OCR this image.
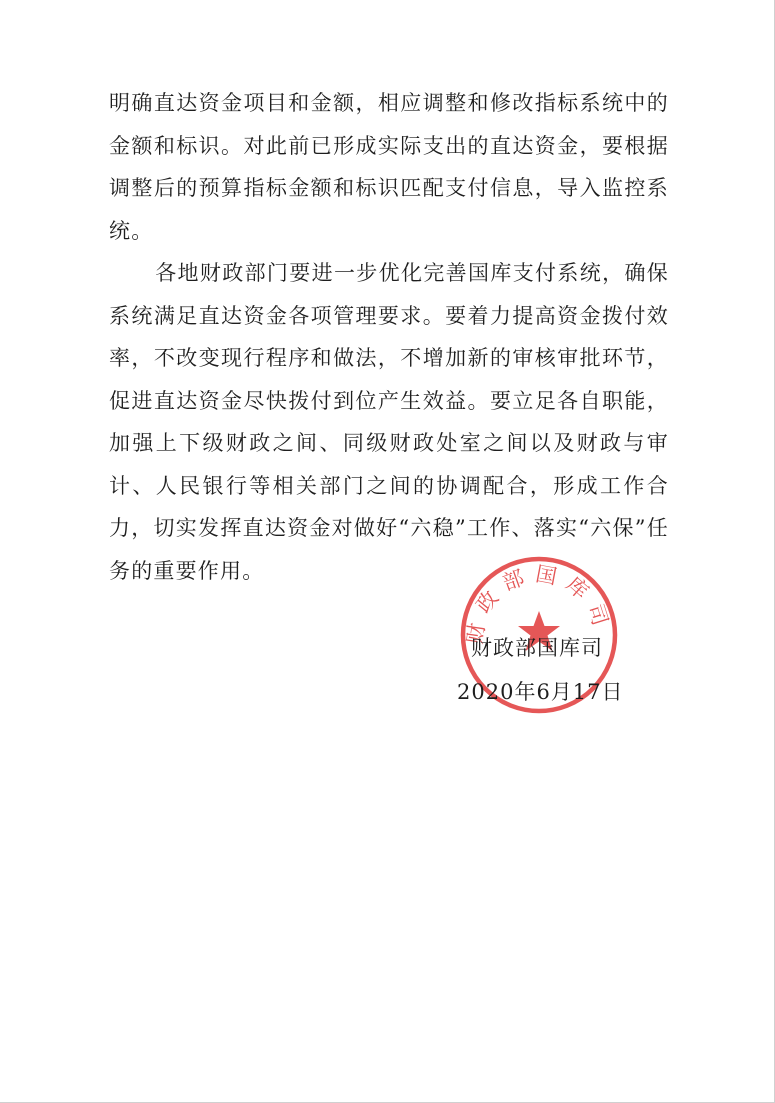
明确直达资金项目和金额，相应调整和修改指标系统中的金额和标识。对此前已形成实际支出的直达资金，要根据调整后的预算指标金额和标识匹配支付信息，导入监控系统。

各地财政部门要进一步优化完善国库支付系统，确保系统满足直达资金各项管理要求。要着力提高资金拨付效率，不改变现行程序和做法，不增加新的审核审批环节，促进直达资金尽快拨付到位产生效益。要立足各自职能，加强上下级财政之间、同级财政处室之间以及财政与审计、人民银行等相关部门之间的协调配合，形成工作合力，切实发挥直达资金对做好“六稳”工作、落实“六保”任务的重要作用。

财政部国库司
财政部国库司
2020年6月17日
